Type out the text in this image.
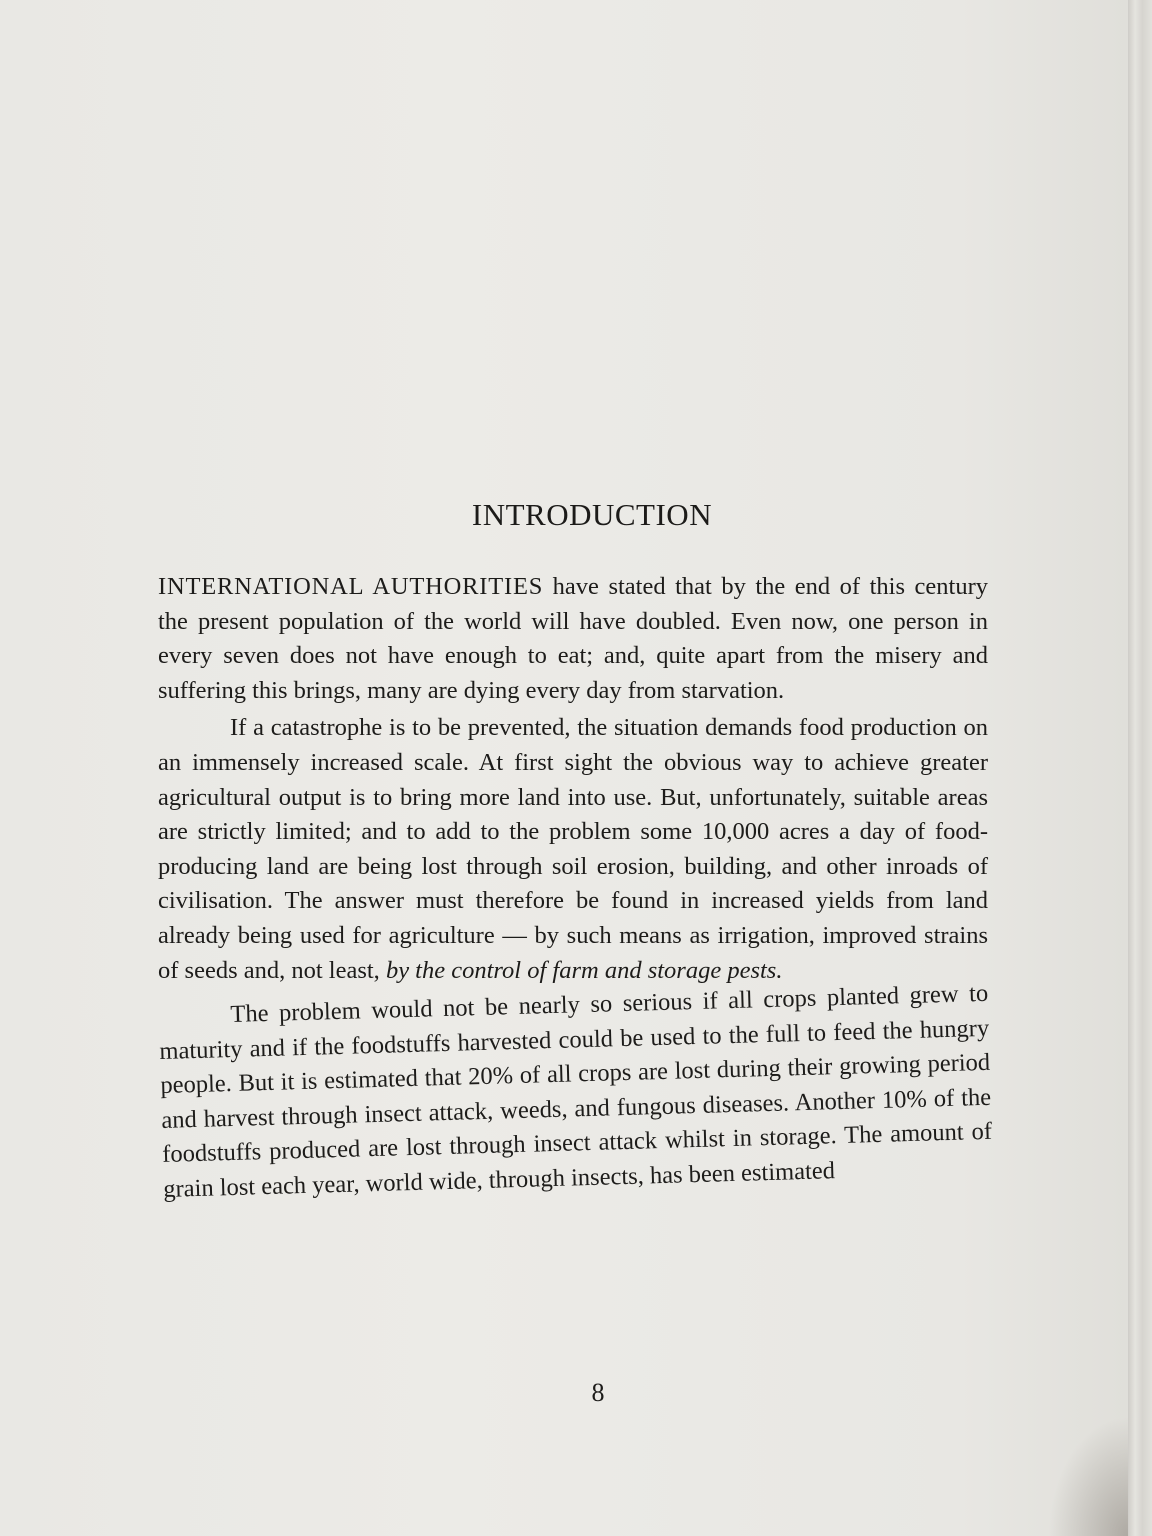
INTRODUCTION

INTERNATIONAL AUTHORITIES have stated that by the end of this century the present population of the world will have doubled. Even now, one person in every seven does not have enough to eat; and, quite apart from the misery and suffering this brings, many are dying every day from starvation.

If a catastrophe is to be prevented, the situation demands food production on an immensely increased scale. At first sight the obvious way to achieve greater agricultural output is to bring more land into use. But, unfortunately, suitable areas are strictly limited; and to add to the problem some 10,000 acres a day of food-producing land are being lost through soil erosion, building, and other inroads of civilisation. The answer must therefore be found in increased yields from land already being used for agriculture — by such means as irrigation, improved strains of seeds and, not least, by the control of farm and storage pests.

The problem would not be nearly so serious if all crops planted grew to maturity and if the foodstuffs harvested could be used to the full to feed the hungry people. But it is estimated that 20% of all crops are lost during their growing period and harvest through insect attack, weeds, and fungous diseases. Another 10% of the foodstuffs produced are lost through insect attack whilst in storage. The amount of grain lost each year, world wide, through insects, has been estimated

8
